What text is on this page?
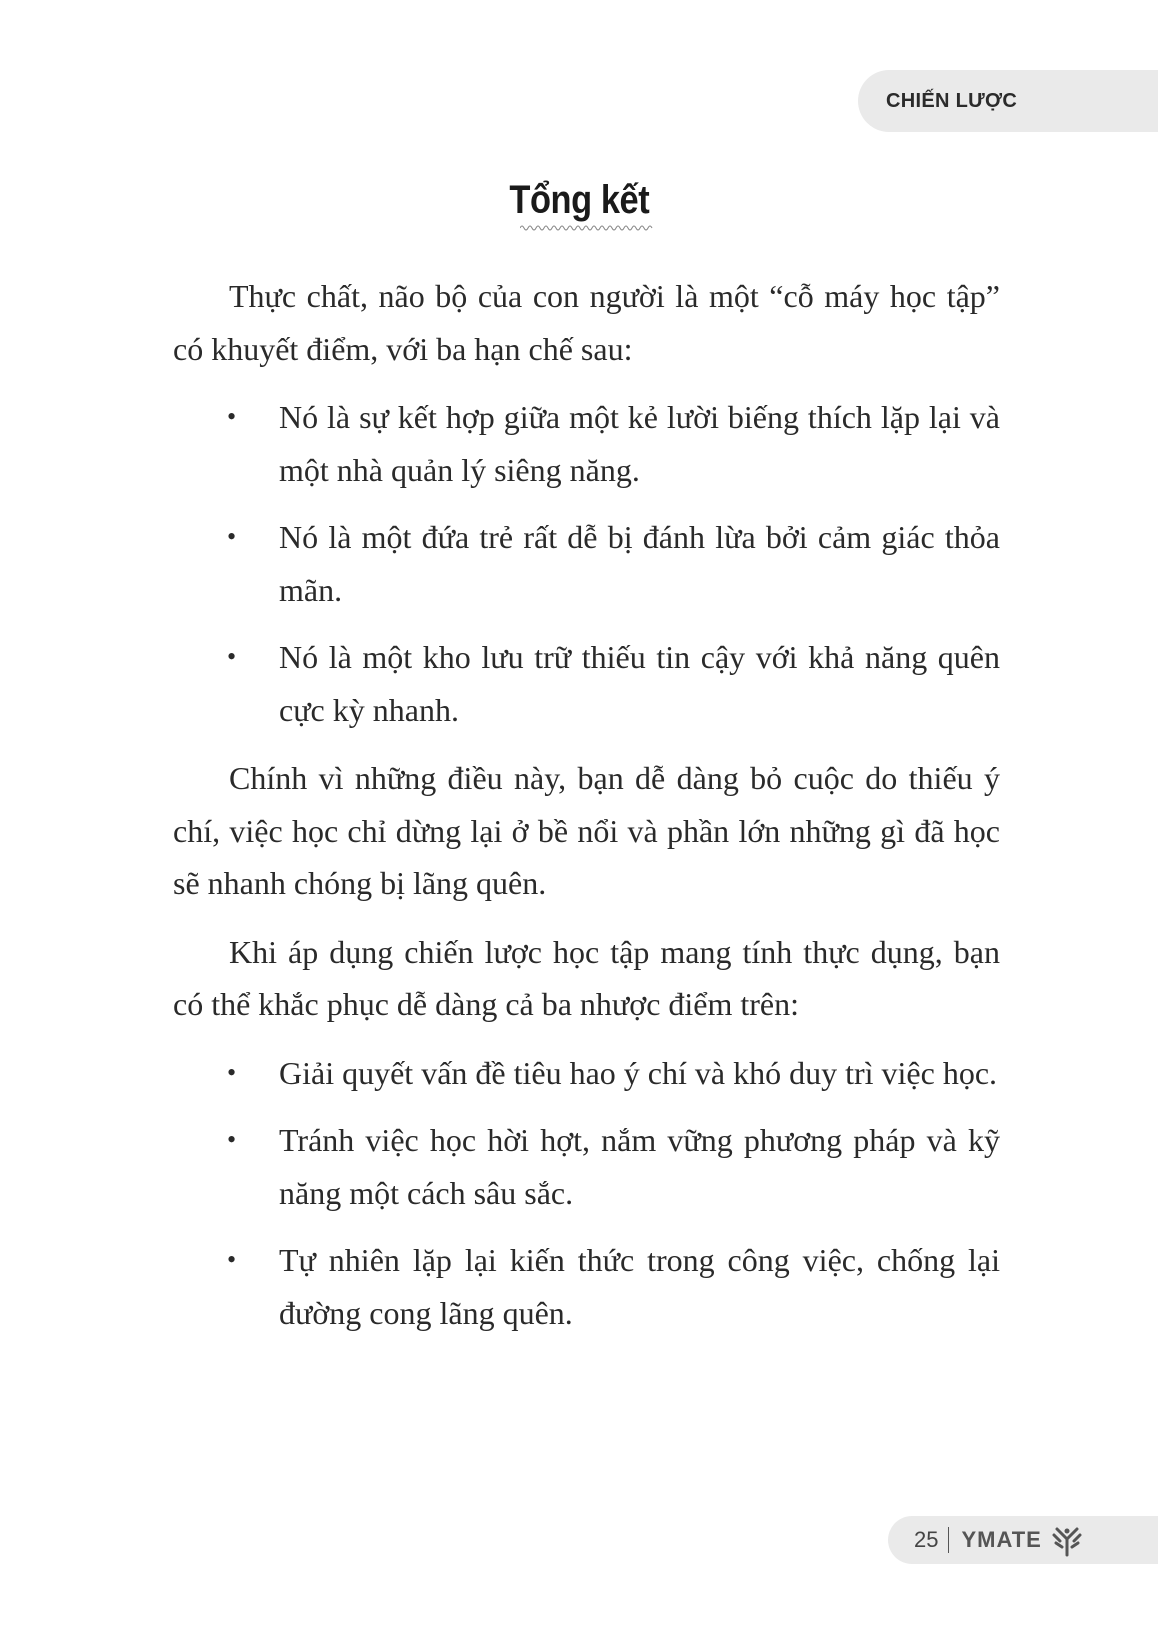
CHIẾN LƯỢC
Tổng kết

Thực chất, não bộ của con người là một “cỗ máy học tập” có khuyết điểm, với ba hạn chế sau:

• Nó là sự kết hợp giữa một kẻ lười biếng thích lặp lại và một nhà quản lý siêng năng.
• Nó là một đứa trẻ rất dễ bị đánh lừa bởi cảm giác thỏa mãn.
• Nó là một kho lưu trữ thiếu tin cậy với khả năng quên cực kỳ nhanh.

Chính vì những điều này, bạn dễ dàng bỏ cuộc do thiếu ý chí, việc học chỉ dừng lại ở bề nổi và phần lớn những gì đã học sẽ nhanh chóng bị lãng quên.

Khi áp dụng chiến lược học tập mang tính thực dụng, bạn có thể khắc phục dễ dàng cả ba nhược điểm trên:

• Giải quyết vấn đề tiêu hao ý chí và khó duy trì việc học.
• Tránh việc học hời hợt, nắm vững phương pháp và kỹ năng một cách sâu sắc.
• Tự nhiên lặp lại kiến thức trong công việc, chống lại đường cong lãng quên.
25 YMATE
